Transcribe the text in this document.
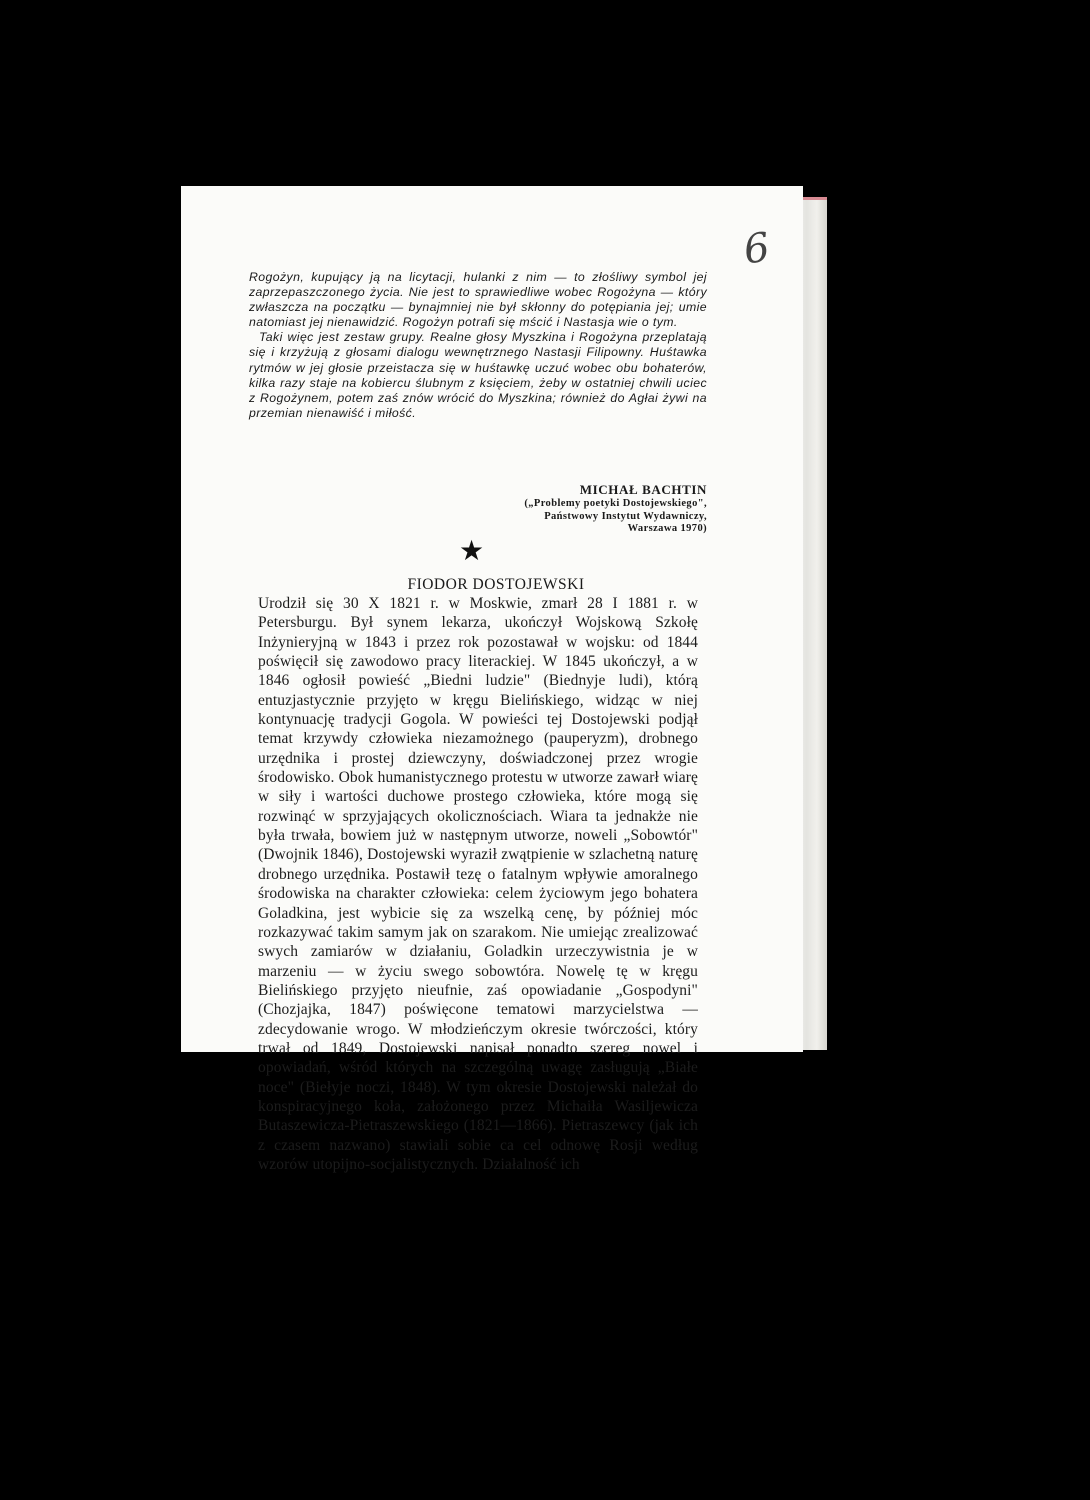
6

Rogożyn, kupujący ją na licytacji, hulanki z nim — to złośliwy symbol jej zaprzepaszczonego życia. Nie jest to sprawiedliwe wobec Rogożyna — który zwłaszcza na początku — bynajmniej nie był skłonny do potępiania jej; umie natomiast jej nienawidzić. Rogożyn potrafi się mścić i Nastasja wie o tym.

Taki więc jest zestaw grupy. Realne głosy Myszkina i Rogożyna przeplatają się i krzyżują z głosami dialogu wewnętrznego Nastasji Filipowny. Huśtawka rytmów w jej głosie przeistacza się w huśtawkę uczuć wobec obu bohaterów, kilka razy staje na kobiercu ślubnym z księciem, żeby w ostatniej chwili uciec z Rogożynem, potem zaś znów wrócić do Myszkina; również do Agłai żywi na przemian nienawiść i miłość.

MICHAŁ BACHTIN
(„Problemy poetyki Dostojewskiego",
Państwowy Instytut Wydawniczy,
Warszawa 1970)
★
FIODOR DOSTOJEWSKI
Urodził się 30 X 1821 r. w Moskwie, zmarł 28 I 1881 r. w Petersburgu. Był synem lekarza, ukończył Wojskową Szkołę Inżynieryjną w 1843 i przez rok pozostawał w wojsku: od 1844 poświęcił się zawodowo pracy literackiej. W 1845 ukończył, a w 1846 ogłosił powieść „Biedni ludzie" (Biednyje ludi), którą entuzjastycznie przyjęto w kręgu Bielińskiego, widząc w niej kontynuację tradycji Gogola. W powieści tej Dostojewski podjął temat krzywdy człowieka niezamożnego (pauperyzm), drobnego urzędnika i prostej dziewczyny, doświadczonej przez wrogie środowisko. Obok humanistycznego protestu w utworze zawarł wiarę w siły i wartości duchowe prostego człowieka, które mogą się rozwinąć w sprzyjających okolicznościach. Wiara ta jednakże nie była trwała, bowiem już w następnym utworze, noweli „Sobowtór" (Dwojnik 1846), Dostojewski wyraził zwątpienie w szlachetną naturę drobnego urzędnika. Postawił tezę o fatalnym wpływie amoralnego środowiska na charakter człowieka: celem życiowym jego bohatera Goladkina, jest wybicie się za wszelką cenę, by później móc rozkazywać takim samym jak on szarakom. Nie umiejąc zrealizować swych zamiarów w działaniu, Goladkin urzeczywistnia je w marzeniu — w życiu swego sobowtóra. Nowelę tę w kręgu Bielińskiego przyjęto nieufnie, zaś opowiadanie „Gospodyni" (Chozjajka, 1847) poświęcone tematowi marzycielstwa — zdecydowanie wrogo. W młodzieńczym okresie twórczości, który trwał od 1849, Dostojewski napisał ponadto szereg nowel i opowiadań, wśród których na szczególną uwagę zasługują „Białe noce" (Biełyje noczi, 1848). W tym okresie Dostojewski należał do konspiracyjnego koła, założonego przez Michaiła Wasiljewicza Butaszewicza-Pietraszewskiego (1821—1866). Pietraszewcy (jak ich z czasem nazwano) stawiali sobie ca cel odnowę Rosji według wzorów utopijno-socjalistycznych. Działalność ich
